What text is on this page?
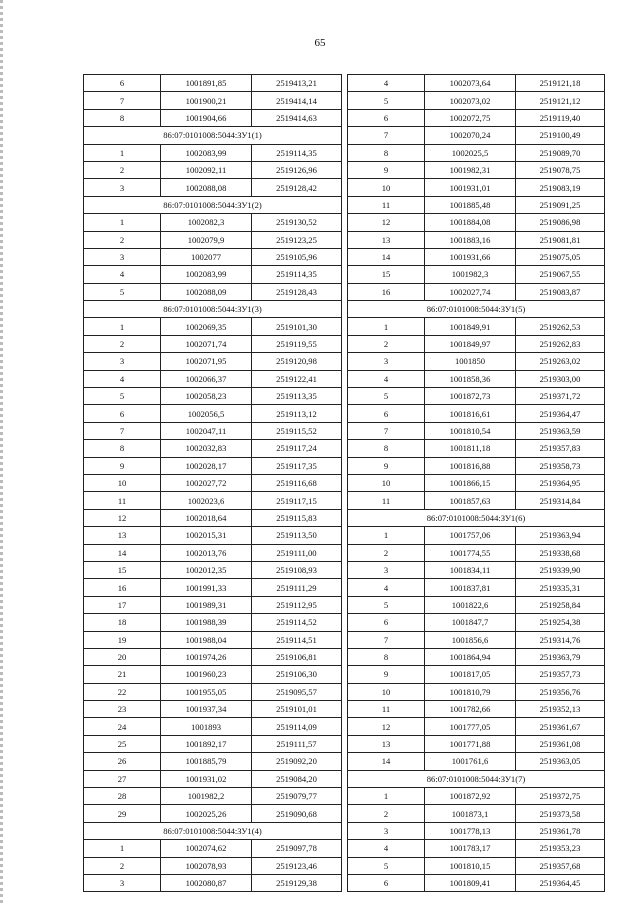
65
6	1001891,85	2519413,21
7	1001900,21	2519414,14
8	1001904,66	2519414,63
86:07:0101008:5044:ЗУ1(1)		
1	1002083,99	2519114,35
2	1002092,11	2519126,96
3	1002088,08	2519128,42
86:07:0101008:5044:ЗУ1(2)		
1	1002082,3	2519130,52
2	1002079,9	2519123,25
3	1002077	2519105,96
4	1002083,99	2519114,35
5	1002088,09	2519128,43
86:07:0101008:5044:ЗУ1(3)		
1	1002069,35	2519101,30
2	1002071,74	2519119,55
3	1002071,95	2519120,98
4	1002066,37	2519122,41
5	1002058,23	2519113,35
6	1002056,5	2519113,12
7	1002047,11	2519115,52
8	1002032,83	2519117,24
9	1002028,17	2519117,35
10	1002027,72	2519116,68
11	1002023,6	2519117,15
12	1002018,64	2519115,83
13	1002015,31	2519113,50
14	1002013,76	2519111,00
15	1002012,35	2519108,93
16	1001991,33	2519111,29
17	1001989,31	2519112,95
18	1001988,39	2519114,52
19	1001988,04	2519114,51
20	1001974,26	2519106,81
21	1001960,23	2519106,30
22	1001955,05	2519095,57
23	1001937,34	2519101,01
24	1001893	2519114,09
25	1001892,17	2519111,57
26	1001885,79	2519092,20
27	1001931,02	2519084,20
28	1001982,2	2519079,77
29	1002025,26	2519090,68
86:07:0101008:5044:ЗУ1(4)		
1	1002074,62	2519097,78
2	1002078,93	2519123,46
3	1002080,87	2519129,38
4	1002073,64	2519121,18
5	1002073,02	2519121,12
6	1002072,75	2519119,40
7	1002070,24	2519100,49
8	1002025,5	2519089,70
9	1001982,31	2519078,75
10	1001931,01	2519083,19
11	1001885,48	2519091,25
12	1001884,08	2519086,98
13	1001883,16	2519081,81
14	1001931,66	2519075,05
15	1001982,3	2519067,55
16	1002027,74	2519083,87
86:07:0101008:5044:ЗУ1(5)		
1	1001849,91	2519262,53
2	1001849,97	2519262,83
3	1001850	2519263,02
4	1001858,36	2519303,00
5	1001872,73	2519371,72
6	1001816,61	2519364,47
7	1001810,54	2519363,59
8	1001811,18	2519357,83
9	1001816,88	2519358,73
10	1001866,15	2519364,95
11	1001857,63	2519314,84
86:07:0101008:5044:ЗУ1(6)		
1	1001757,06	2519363,94
2	1001774,55	2519338,68
3	1001834,11	2519339,90
4	1001837,81	2519335,31
5	1001822,6	2519258,84
6	1001847,7	2519254,38
7	1001856,6	2519314,76
8	1001864,94	2519363,79
9	1001817,05	2519357,73
10	1001810,79	2519356,76
11	1001782,66	2519352,13
12	1001777,05	2519361,67
13	1001771,88	2519361,08
14	1001761,6	2519363,05
86:07:0101008:5044:ЗУ1(7)		
1	1001872,92	2519372,75
2	1001873,1	2519373,58
3	1001778,13	2519361,78
4	1001783,17	2519353,23
5	1001810,15	2519357,68
6	1001809,41	2519364,45
